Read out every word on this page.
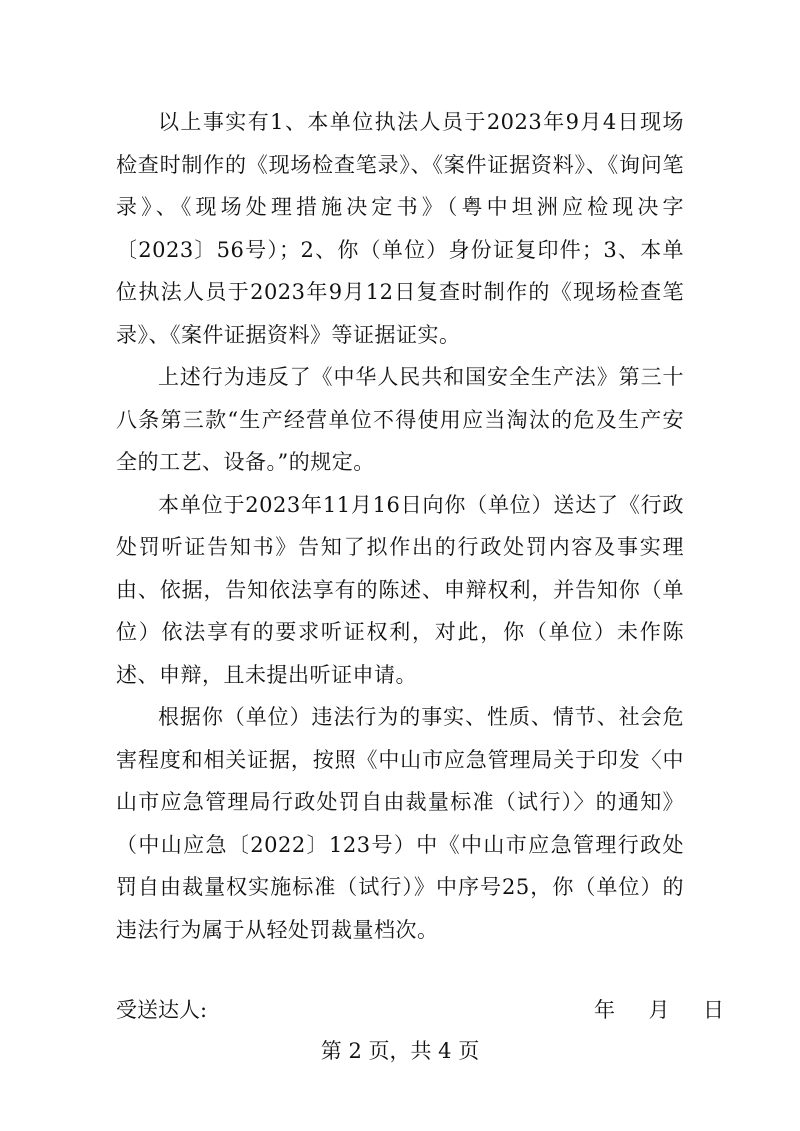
以上事实有1、本单位执法人员于2023年9月4日现场检查时制作的《现场检查笔录》、《案件证据资料》、《询问笔录》、《现场处理措施决定书》（粤中坦洲应检现决字〔2023〕56号）；2、你（单位）身份证复印件；3、本单位执法人员于2023年9月12日复查时制作的《现场检查笔录》、《案件证据资料》等证据证实。

上述行为违反了《中华人民共和国安全生产法》第三十八条第三款“生产经营单位不得使用应当淘汰的危及生产安全的工艺、设备。”的规定。

本单位于2023年11月16日向你（单位）送达了《行政处罚听证告知书》告知了拟作出的行政处罚内容及事实理由、依据，告知依法享有的陈述、申辩权利，并告知你（单位）依法享有的要求听证权利，对此，你（单位）未作陈述、申辩，且未提出听证申请。

根据你（单位）违法行为的事实、性质、情节、社会危害程度和相关证据，按照《中山市应急管理局关于印发〈中山市应急管理局行政处罚自由裁量标准（试行）〉的通知》（中山应急〔2022〕123号）中《中山市应急管理行政处罚自由裁量权实施标准（试行）》中序号25，你（单位）的违法行为属于从轻处罚裁量档次。

受送达人:	年 月 日
第 2 页，共 4 页
